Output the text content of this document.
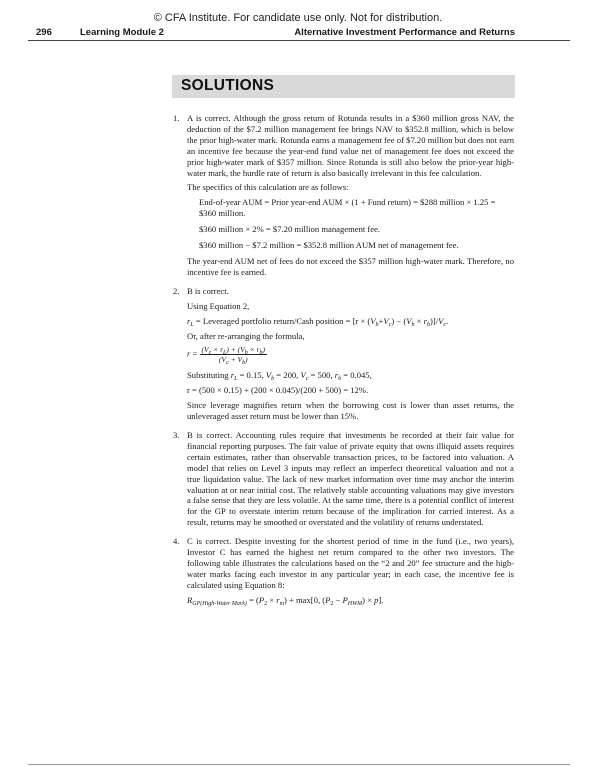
© CFA Institute. For candidate use only. Not for distribution.
296	Learning Module 2	Alternative Investment Performance and Returns
SOLUTIONS
1. A is correct. Although the gross return of Rotunda results in a $360 million gross NAV, the deduction of the $7.2 million management fee brings NAV to $352.8 million, which is below the prior high-water mark. Rotunda earns a management fee of $7.20 million but does not earn an incentive fee because the year-end fund value net of management fee does not exceed the prior high-water mark of $357 million. Since Rotunda is still also below the prior-year high-water mark, the hurdle rate of return is also basically irrelevant in this fee calculation.

The specifics of this calculation are as follows:

End-of-year AUM = Prior year-end AUM × (1 + Fund return) = $288 million × 1.25 = $360 million.

$360 million × 2% = $7.20 million management fee.

$360 million − $7.2 million = $352.8 million AUM net of management fee.

The year-end AUM net of fees do not exceed the $357 million high-water mark. Therefore, no incentive fee is earned.

2. B is correct.

Using Equation 2,

$r_L$ = Leveraged portfolio return/Cash position = $[r \times (V_b+V_c) - (V_b \times r_b)]/V_c$.

Or, after re-arranging the formula,

$r = \frac{(V_c \times r_L) + (V_b \times r_b)}{(V_c + V_b)}$

Substituting $r_L = 0.15$, $V_b = 200$, $V_c = 500$, $r_b = 0.045$,

r = (500 × 0.15) + (200 × 0.045)/(200 + 500) = 12%.

Since leverage magnifies return when the borrowing cost is lower than asset returns, the unleveraged asset return must be lower than 15%.

3. B is correct. Accounting rules require that investments be recorded at their fair value for financial reporting purposes. The fair value of private equity that owns illiquid assets requires certain estimates, rather than observable transaction prices, to be factored into valuation. A model that relies on Level 3 inputs may reflect an imperfect theoretical valuation and not a true liquidation value. The lack of new market information over time may anchor the interim valuation at or near initial cost. The relatively stable accounting valuations may give investors a false sense that they are less volatile. At the same time, there is a potential conflict of interest for the GP to overstate interim return because of the implication for carried interest. As a result, returns may be smoothed or overstated and the volatility of returns understated.

4. C is correct. Despite investing for the shortest period of time in the fund (i.e., two years), Investor C has earned the highest net return compared to the other two investors. The following table illustrates the calculations based on the “2 and 20” fee structure and the high-water marks facing each investor in any particular year; in each case, the incentive fee is calculated using Equation 8:

$R_{GP(High-Water Mark)} = (P_2 \times r_m) + \max[0$, $(P_2 - P_{HWM}) \times p$].
